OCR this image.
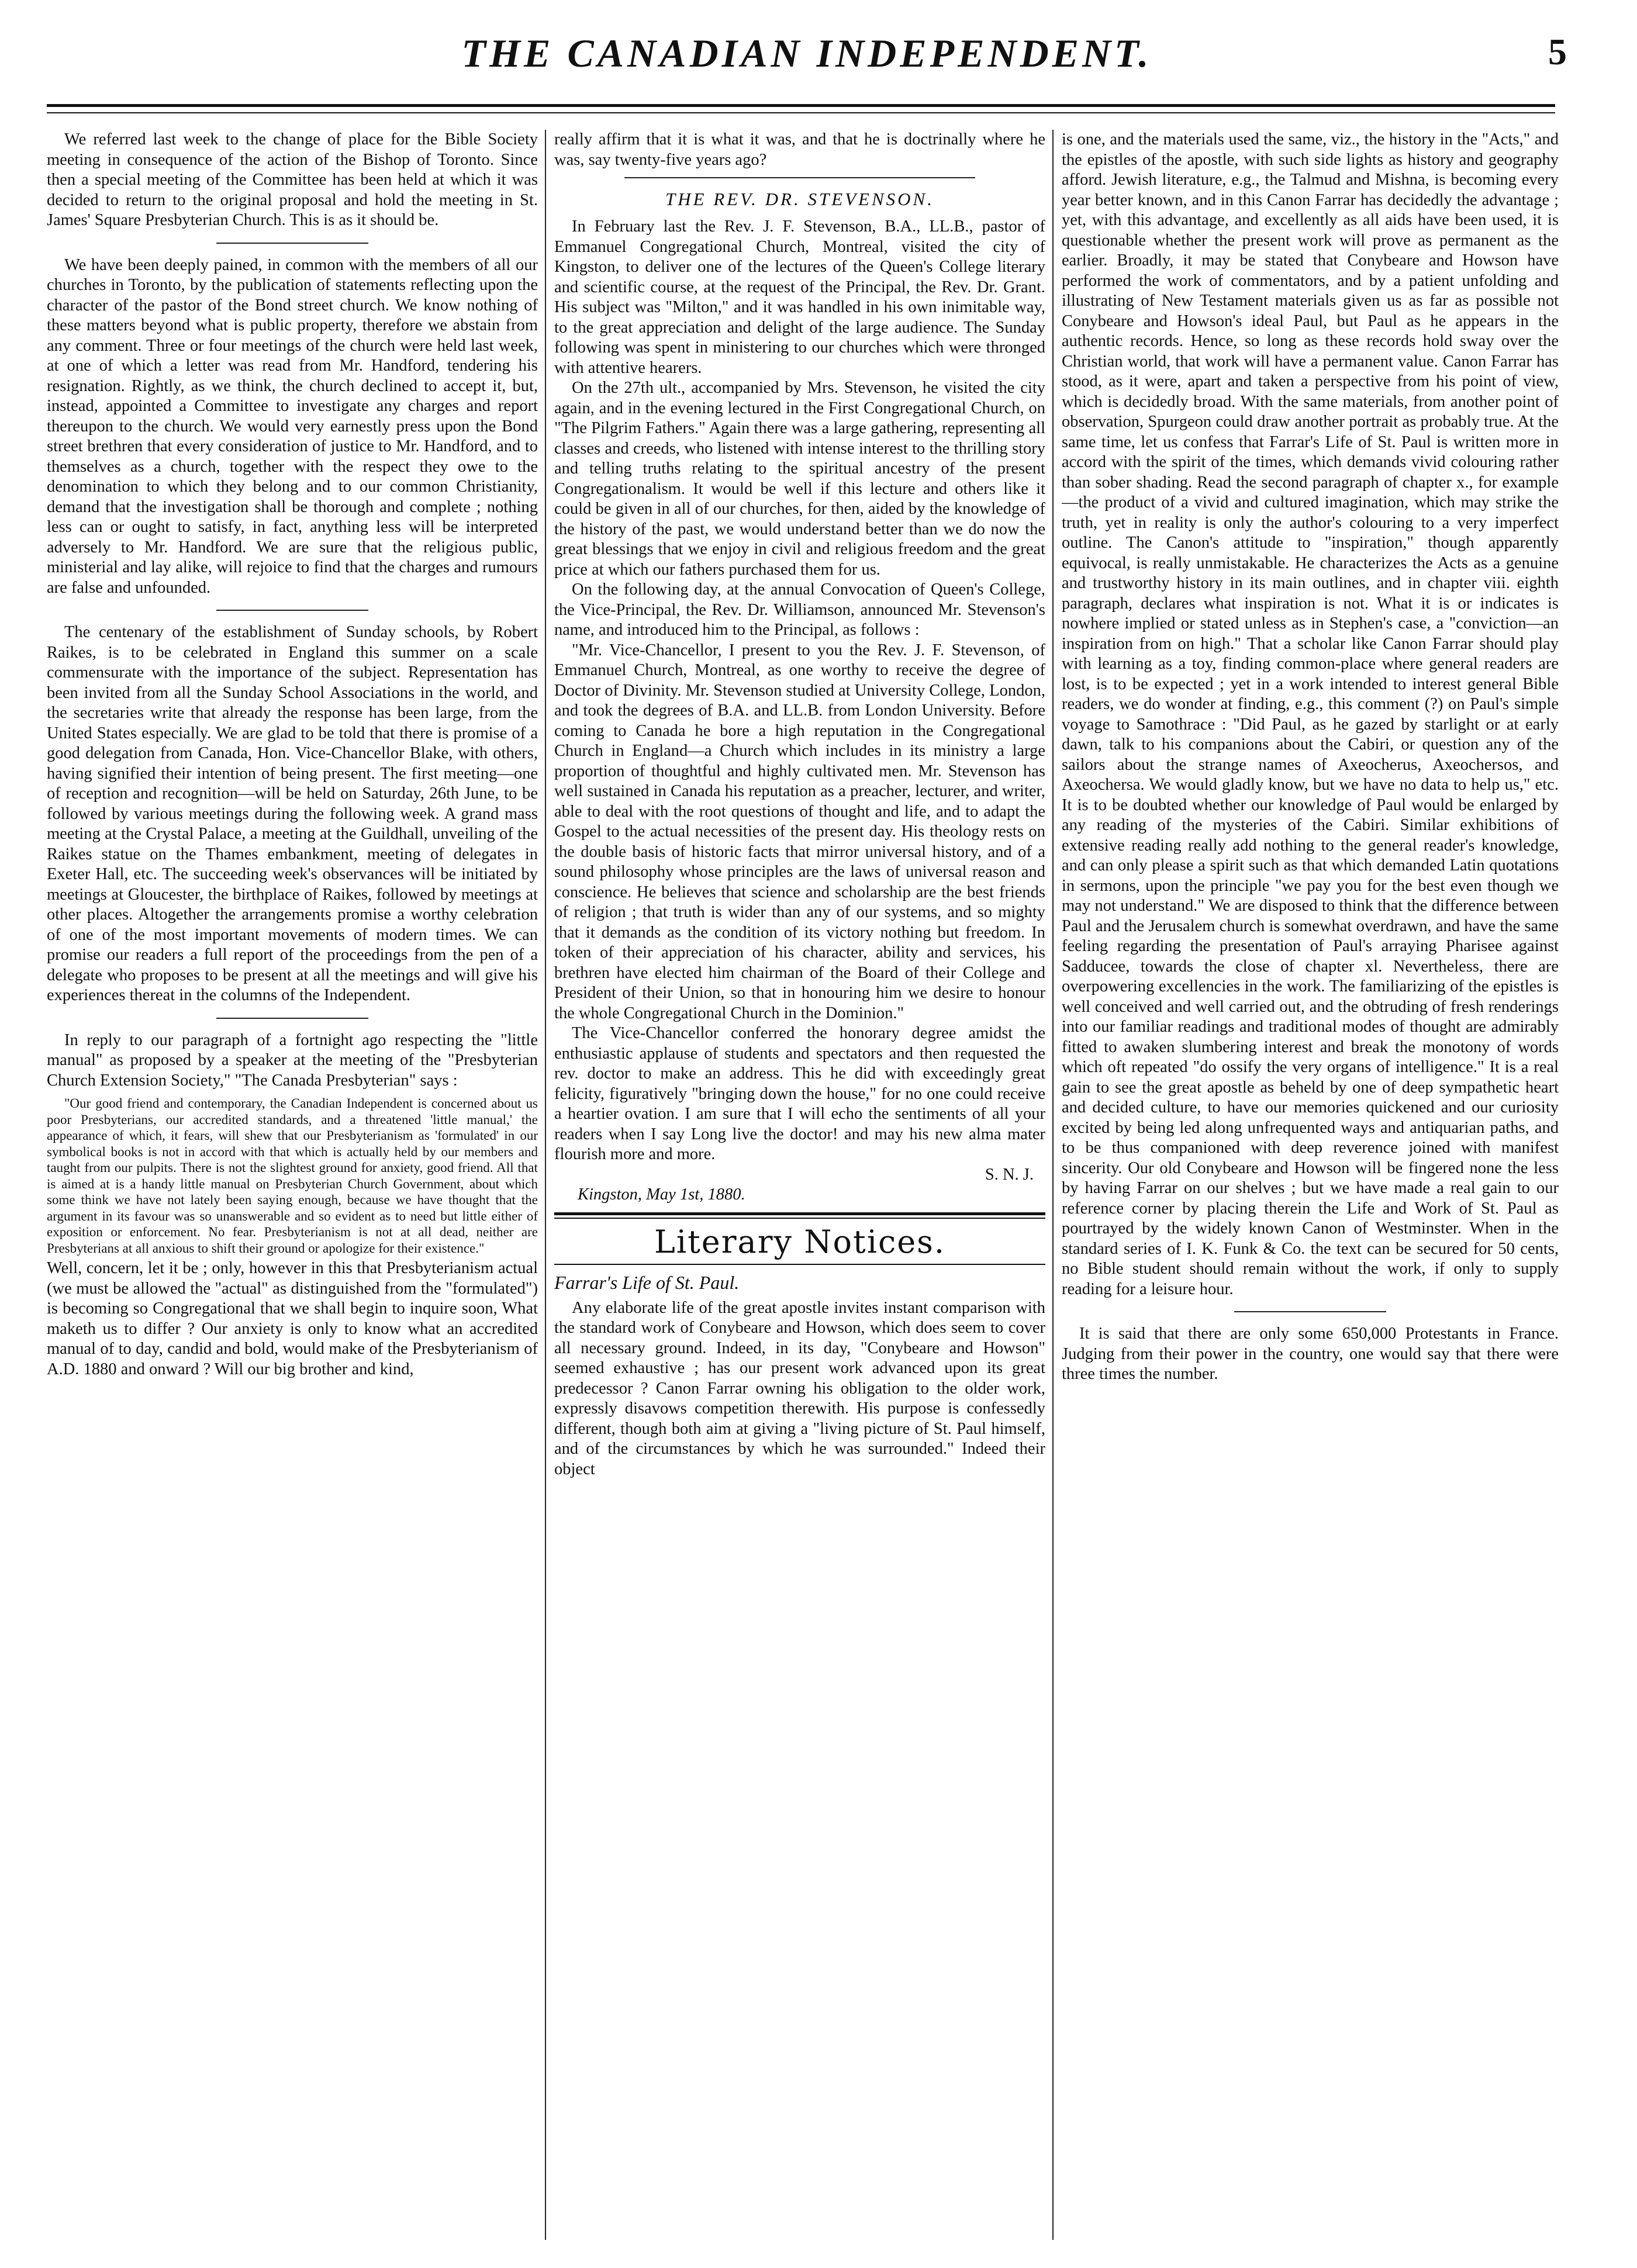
THE CANADIAN INDEPENDENT.	5

We referred last week to the change of place for the Bible Society meeting in consequence of the action of the Bishop of Toronto. Since then a special meeting of the Committee has been held at which it was decided to return to the original proposal and hold the meeting in St. James' Square Presbyterian Church. This is as it should be.

We have been deeply pained, in common with the members of all our churches in Toronto, by the publication of statements reflecting upon the character of the pastor of the Bond street church. We know nothing of these matters beyond what is public property, therefore we abstain from any comment. Three or four meetings of the church were held last week, at one of which a letter was read from Mr. Handford, tendering his resignation. Rightly, as we think, the church declined to accept it, but, instead, appointed a Committee to investigate any charges and report thereupon to the church. We would very earnestly press upon the Bond street brethren that every consideration of justice to Mr. Handford, and to themselves as a church, together with the respect they owe to the denomination to which they belong and to our common Christianity, demand that the investigation shall be thorough and complete ; nothing less can or ought to satisfy, in fact, anything less will be interpreted adversely to Mr. Handford. We are sure that the religious public, ministerial and lay alike, will rejoice to find that the charges and rumours are false and unfounded.

The centenary of the establishment of Sunday schools, by Robert Raikes, is to be celebrated in England this summer on a scale commensurate with the importance of the subject. Representation has been invited from all the Sunday School Associations in the world, and the secretaries write that already the response has been large, from the United States especially. We are glad to be told that there is promise of a good delegation from Canada, Hon. Vice-Chancellor Blake, with others, having signified their intention of being present. The first meeting—one of reception and recognition—will be held on Saturday, 26th June, to be followed by various meetings during the following week. A grand mass meeting at the Crystal Palace, a meeting at the Guildhall, unveiling of the Raikes statue on the Thames embankment, meeting of delegates in Exeter Hall, etc. The succeeding week's observances will be initiated by meetings at Gloucester, the birthplace of Raikes, followed by meetings at other places. Altogether the arrangements promise a worthy celebration of one of the most important movements of modern times. We can promise our readers a full report of the proceedings from the pen of a delegate who proposes to be present at all the meetings and will give his experiences thereat in the columns of the Independent.

In reply to our paragraph of a fortnight ago respecting the "little manual" as proposed by a speaker at the meeting of the "Presbyterian Church Extension Society," "The Canada Presbyterian" says :

"Our good friend and contemporary, the Canadian Independent is concerned about us poor Presbyterians, our accredited standards, and a threatened 'little manual,' the appearance of which, it fears, will shew that our Presbyterianism as 'formulated' in our symbolical books is not in accord with that which is actually held by our members and taught from our pulpits. There is not the slightest ground for anxiety, good friend. All that is aimed at is a handy little manual on Presbyterian Church Government, about which some think we have not lately been saying enough, because we have thought that the argument in its favour was so unanswerable and so evident as to need but little either of exposition or enforcement. No fear. Presbyterianism is not at all dead, neither are Presbyterians at all anxious to shift their ground or apologize for their existence."

Well, concern, let it be ; only, however in this that Presbyterianism actual (we must be allowed the "actual" as distinguished from the "formulated") is becoming so Congregational that we shall begin to inquire soon, What maketh us to differ ? Our anxiety is only to know what an accredited manual of to day, candid and bold, would make of the Presbyterianism of A.D. 1880 and onward ? Will our big brother and kind,

really affirm that it is what it was, and that he is doctrinally where he was, say twenty-five years ago?

THE REV. DR. STEVENSON.

In February last the Rev. J. F. Stevenson, B.A., LL.B., pastor of Emmanuel Congregational Church, Montreal, visited the city of Kingston, to deliver one of the lectures of the Queen's College literary and scientific course, at the request of the Principal, the Rev. Dr. Grant. His subject was "Milton," and it was handled in his own inimitable way, to the great appreciation and delight of the large audience. The Sunday following was spent in ministering to our churches which were thronged with attentive hearers.

On the 27th ult., accompanied by Mrs. Stevenson, he visited the city again, and in the evening lectured in the First Congregational Church, on "The Pilgrim Fathers." Again there was a large gathering, representing all classes and creeds, who listened with intense interest to the thrilling story and telling truths relating to the spiritual ancestry of the present Congregationalism. It would be well if this lecture and others like it could be given in all of our churches, for then, aided by the knowledge of the history of the past, we would understand better than we do now the great blessings that we enjoy in civil and religious freedom and the great price at which our fathers purchased them for us.

On the following day, at the annual Convocation of Queen's College, the Vice-Principal, the Rev. Dr. Williamson, announced Mr. Stevenson's name, and introduced him to the Principal, as follows :

"Mr. Vice-Chancellor, I present to you the Rev. J. F. Stevenson, of Emmanuel Church, Montreal, as one worthy to receive the degree of Doctor of Divinity. Mr. Stevenson studied at University College, London, and took the degrees of B.A. and LL.B. from London University. Before coming to Canada he bore a high reputation in the Congregational Church in England—a Church which includes in its ministry a large proportion of thoughtful and highly cultivated men. Mr. Stevenson has well sustained in Canada his reputation as a preacher, lecturer, and writer, able to deal with the root questions of thought and life, and to adapt the Gospel to the actual necessities of the present day. His theology rests on the double basis of historic facts that mirror universal history, and of a sound philosophy whose principles are the laws of universal reason and conscience. He believes that science and scholarship are the best friends of religion ; that truth is wider than any of our systems, and so mighty that it demands as the condition of its victory nothing but freedom. In token of their appreciation of his character, ability and services, his brethren have elected him chairman of the Board of their College and President of their Union, so that in honouring him we desire to honour the whole Congregational Church in the Dominion."

The Vice-Chancellor conferred the honorary degree amidst the enthusiastic applause of students and spectators and then requested the rev. doctor to make an address. This he did with exceedingly great felicity, figuratively "bringing down the house," for no one could receive a heartier ovation. I am sure that I will echo the sentiments of all your readers when I say Long live the doctor! and may his new alma mater flourish more and more.

S. N. J.

Kingston, May 1st, 1880.

Literary Notices.
Farrar's Life of St. Paul.

Any elaborate life of the great apostle invites instant comparison with the standard work of Conybeare and Howson, which does seem to cover all necessary ground. Indeed, in its day, "Conybeare and Howson" seemed exhaustive ; has our present work advanced upon its great predecessor ? Canon Farrar owning his obligation to the older work, expressly disavows competition therewith. His purpose is confessedly different, though both aim at giving a "living picture of St. Paul himself, and of the circumstances by which he was surrounded." Indeed their object

is one, and the materials used the same, viz., the history in the "Acts," and the epistles of the apostle, with such side lights as history and geography afford. Jewish literature, e.g., the Talmud and Mishna, is becoming every year better known, and in this Canon Farrar has decidedly the advantage ; yet, with this advantage, and excellently as all aids have been used, it is questionable whether the present work will prove as permanent as the earlier. Broadly, it may be stated that Conybeare and Howson have performed the work of commentators, and by a patient unfolding and illustrating of New Testament materials given us as far as possible not Conybeare and Howson's ideal Paul, but Paul as he appears in the authentic records. Hence, so long as these records hold sway over the Christian world, that work will have a permanent value. Canon Farrar has stood, as it were, apart and taken a perspective from his point of view, which is decidedly broad. With the same materials, from another point of observation, Spurgeon could draw another portrait as probably true. At the same time, let us confess that Farrar's Life of St. Paul is written more in accord with the spirit of the times, which demands vivid colouring rather than sober shading. Read the second paragraph of chapter x., for example—the product of a vivid and cultured imagination, which may strike the truth, yet in reality is only the author's colouring to a very imperfect outline. The Canon's attitude to "inspiration," though apparently equivocal, is really unmistakable. He characterizes the Acts as a genuine and trustworthy history in its main outlines, and in chapter viii. eighth paragraph, declares what inspiration is not. What it is or indicates is nowhere implied or stated unless as in Stephen's case, a "conviction—an inspiration from on high." That a scholar like Canon Farrar should play with learning as a toy, finding common-place where general readers are lost, is to be expected ; yet in a work intended to interest general Bible readers, we do wonder at finding, e.g., this comment (?) on Paul's simple voyage to Samothrace : "Did Paul, as he gazed by starlight or at early dawn, talk to his companions about the Cabiri, or question any of the sailors about the strange names of Axeocherus, Axeochersos, and Axeochersa. We would gladly know, but we have no data to help us," etc. It is to be doubted whether our knowledge of Paul would be enlarged by any reading of the mysteries of the Cabiri. Similar exhibitions of extensive reading really add nothing to the general reader's knowledge, and can only please a spirit such as that which demanded Latin quotations in sermons, upon the principle "we pay you for the best even though we may not understand." We are disposed to think that the difference between Paul and the Jerusalem church is somewhat overdrawn, and have the same feeling regarding the presentation of Paul's arraying Pharisee against Sadducee, towards the close of chapter xl. Nevertheless, there are overpowering excellencies in the work. The familiarizing of the epistles is well conceived and well carried out, and the obtruding of fresh renderings into our familiar readings and traditional modes of thought are admirably fitted to awaken slumbering interest and break the monotony of words which oft repeated "do ossify the very organs of intelligence." It is a real gain to see the great apostle as beheld by one of deep sympathetic heart and decided culture, to have our memories quickened and our curiosity excited by being led along unfrequented ways and antiquarian paths, and to be thus companioned with deep reverence joined with manifest sincerity. Our old Conybeare and Howson will be fingered none the less by having Farrar on our shelves ; but we have made a real gain to our reference corner by placing therein the Life and Work of St. Paul as pourtrayed by the widely known Canon of Westminster. When in the standard series of I. K. Funk & Co. the text can be secured for 50 cents, no Bible student should remain without the work, if only to supply reading for a leisure hour.

It is said that there are only some 650,000 Protestants in France. Judging from their power in the country, one would say that there were three times the number.
